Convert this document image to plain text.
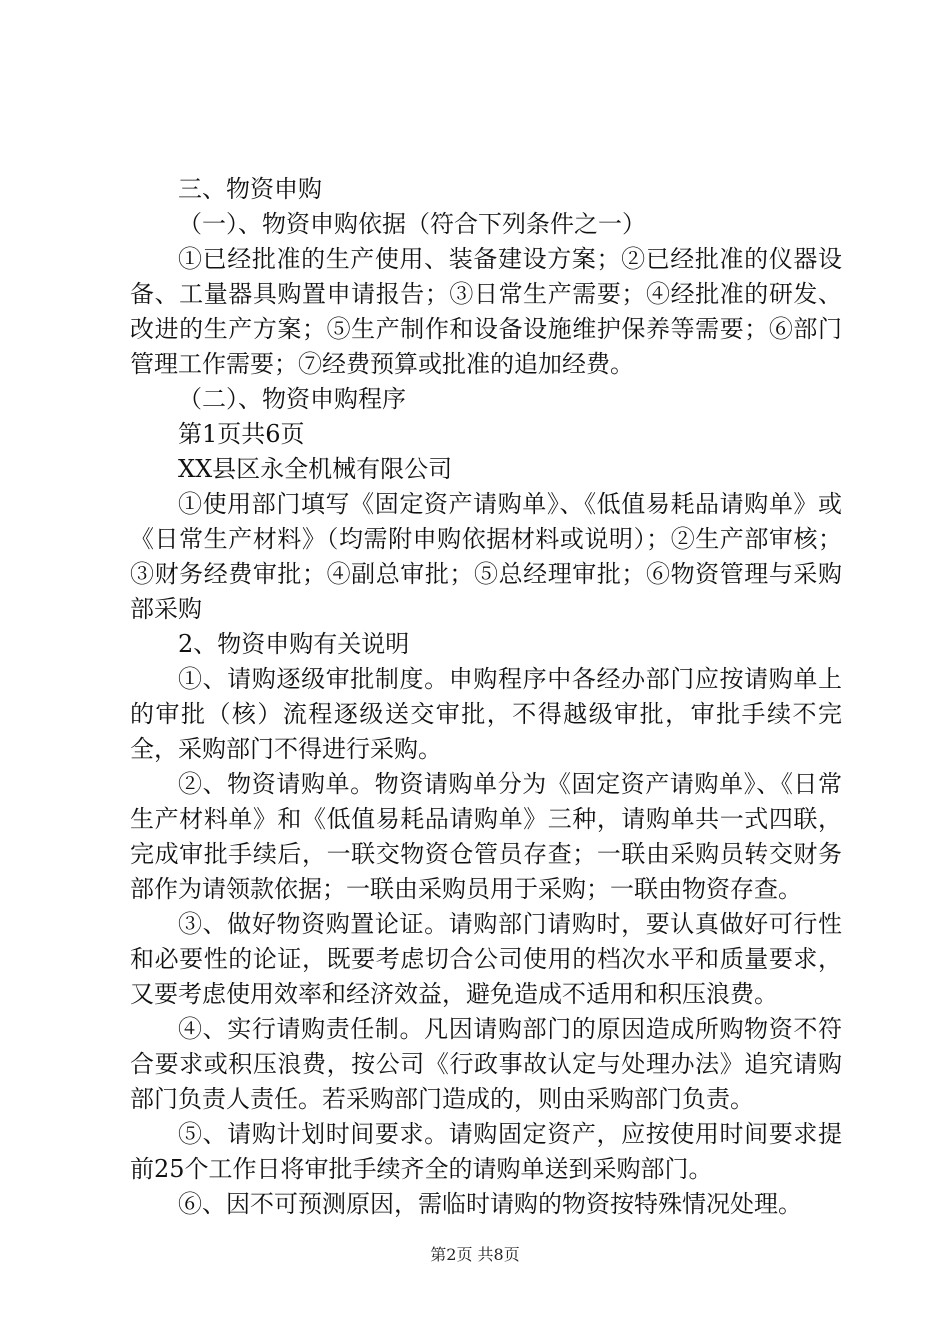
三、物资申购

（一）、物资申购依据（符合下列条件之一）

①已经批准的生产使用、装备建设方案；②已经批准的仪器设备、工量器具购置申请报告；③日常生产需要；④经批准的研发、改进的生产方案；⑤生产制作和设备设施维护保养等需要；⑥部门管理工作需要；⑦经费预算或批准的追加经费。

（二）、物资申购程序

第1页共6页

XX县区永全机械有限公司

①使用部门填写《固定资产请购单》、《低值易耗品请购单》或《日常生产材料》（均需附申购依据材料或说明）；②生产部审核；③财务经费审批；④副总审批；⑤总经理审批；⑥物资管理与采购部采购

2、物资申购有关说明

①、请购逐级审批制度。申购程序中各经办部门应按请购单上的审批（核）流程逐级送交审批，不得越级审批，审批手续不完全，采购部门不得进行采购。

②、物资请购单。物资请购单分为《固定资产请购单》、《日常生产材料单》和《低值易耗品请购单》三种，请购单共一式四联，完成审批手续后，一联交物资仓管员存查；一联由采购员转交财务部作为请领款依据；一联由采购员用于采购；一联由物资存查。

③、做好物资购置论证。请购部门请购时，要认真做好可行性和必要性的论证，既要考虑切合公司使用的档次水平和质量要求，又要考虑使用效率和经济效益，避免造成不适用和积压浪费。

④、实行请购责任制。凡因请购部门的原因造成所购物资不符合要求或积压浪费，按公司《行政事故认定与处理办法》追究请购部门负责人责任。若采购部门造成的，则由采购部门负责。

⑤、请购计划时间要求。请购固定资产，应按使用时间要求提前25个工作日将审批手续齐全的请购单送到采购部门。

⑥、因不可预测原因，需临时请购的物资按特殊情况处理。

第2页 共8页
